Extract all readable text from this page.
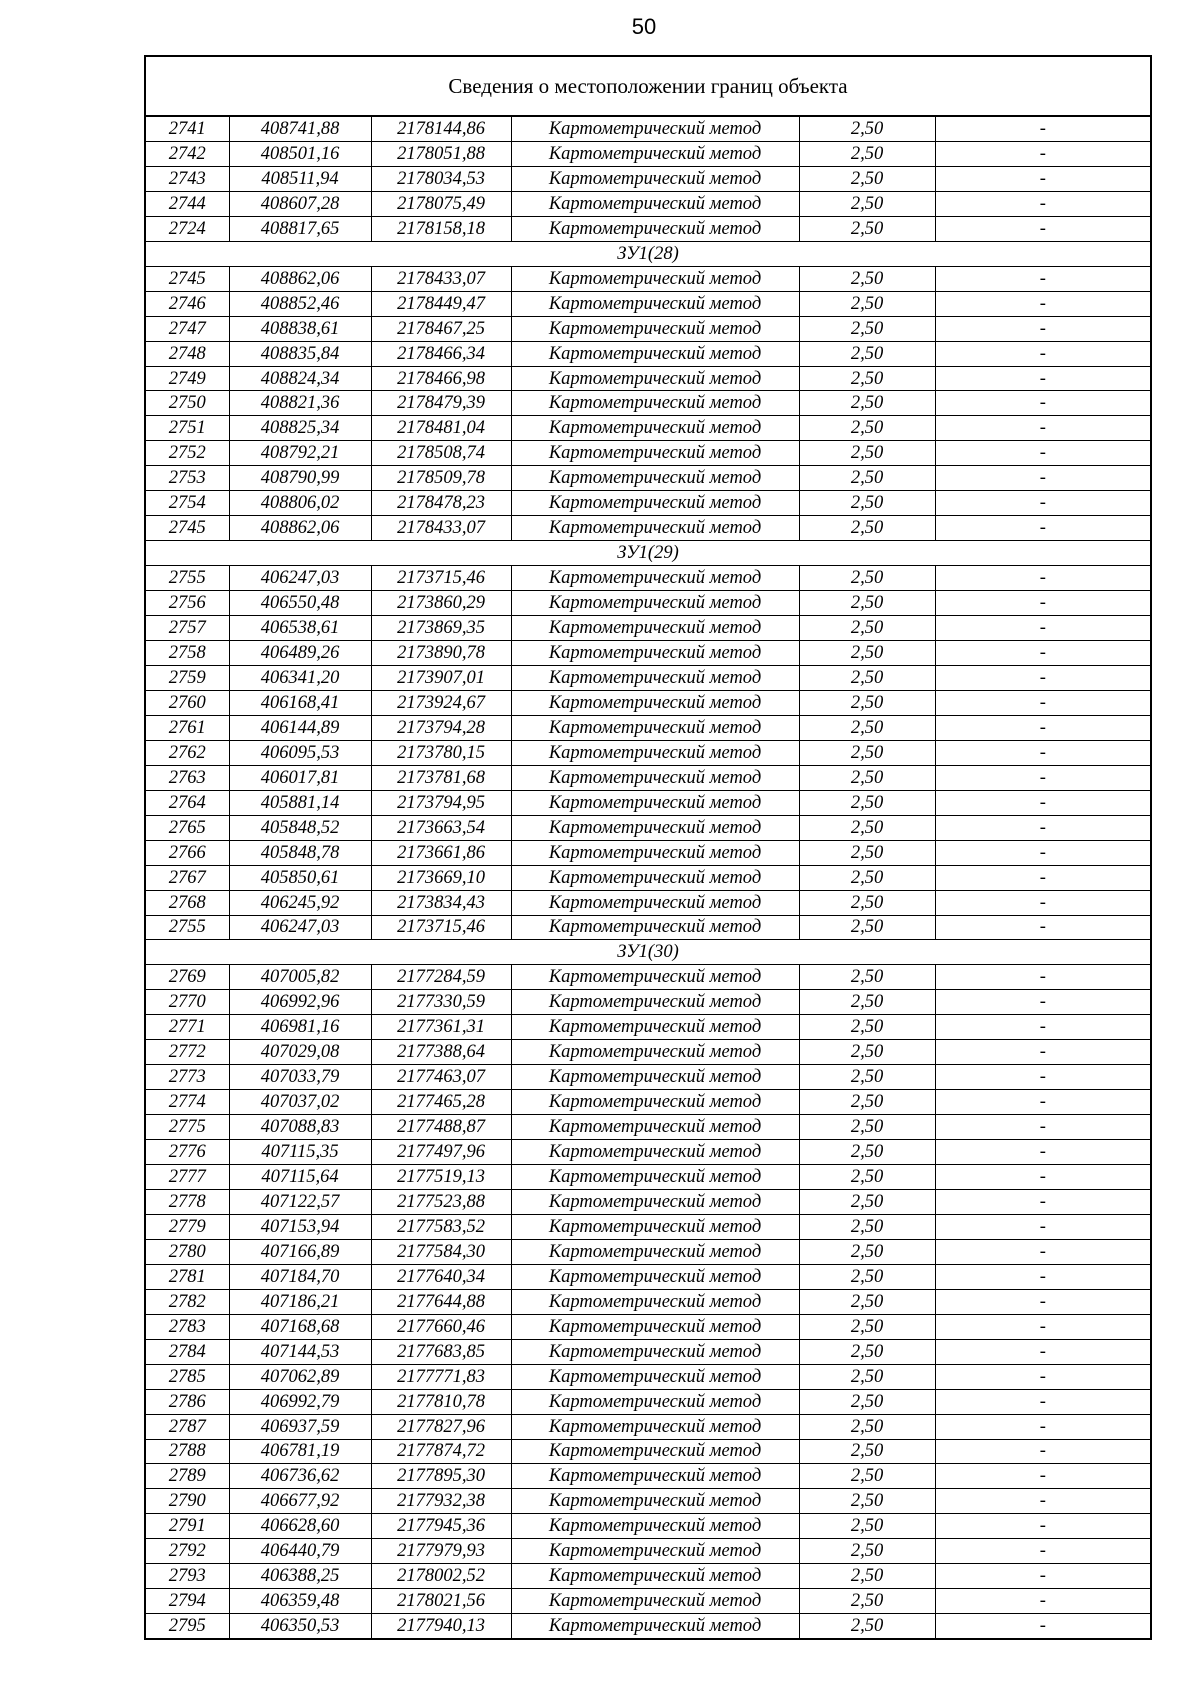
50
Сведения о местоположении границ объекта					
2741	408741,88	2178144,86	Картометрический метод	2,50	-
2742	408501,16	2178051,88	Картометрический метод	2,50	-
2743	408511,94	2178034,53	Картометрический метод	2,50	-
2744	408607,28	2178075,49	Картометрический метод	2,50	-
2724	408817,65	2178158,18	Картометрический метод	2,50	-
ЗУ1(28)					
2745	408862,06	2178433,07	Картометрический метод	2,50	-
2746	408852,46	2178449,47	Картометрический метод	2,50	-
2747	408838,61	2178467,25	Картометрический метод	2,50	-
2748	408835,84	2178466,34	Картометрический метод	2,50	-
2749	408824,34	2178466,98	Картометрический метод	2,50	-
2750	408821,36	2178479,39	Картометрический метод	2,50	-
2751	408825,34	2178481,04	Картометрический метод	2,50	-
2752	408792,21	2178508,74	Картометрический метод	2,50	-
2753	408790,99	2178509,78	Картометрический метод	2,50	-
2754	408806,02	2178478,23	Картометрический метод	2,50	-
2745	408862,06	2178433,07	Картометрический метод	2,50	-
ЗУ1(29)					
2755	406247,03	2173715,46	Картометрический метод	2,50	-
2756	406550,48	2173860,29	Картометрический метод	2,50	-
2757	406538,61	2173869,35	Картометрический метод	2,50	-
2758	406489,26	2173890,78	Картометрический метод	2,50	-
2759	406341,20	2173907,01	Картометрический метод	2,50	-
2760	406168,41	2173924,67	Картометрический метод	2,50	-
2761	406144,89	2173794,28	Картометрический метод	2,50	-
2762	406095,53	2173780,15	Картометрический метод	2,50	-
2763	406017,81	2173781,68	Картометрический метод	2,50	-
2764	405881,14	2173794,95	Картометрический метод	2,50	-
2765	405848,52	2173663,54	Картометрический метод	2,50	-
2766	405848,78	2173661,86	Картометрический метод	2,50	-
2767	405850,61	2173669,10	Картометрический метод	2,50	-
2768	406245,92	2173834,43	Картометрический метод	2,50	-
2755	406247,03	2173715,46	Картометрический метод	2,50	-
ЗУ1(30)					
2769	407005,82	2177284,59	Картометрический метод	2,50	-
2770	406992,96	2177330,59	Картометрический метод	2,50	-
2771	406981,16	2177361,31	Картометрический метод	2,50	-
2772	407029,08	2177388,64	Картометрический метод	2,50	-
2773	407033,79	2177463,07	Картометрический метод	2,50	-
2774	407037,02	2177465,28	Картометрический метод	2,50	-
2775	407088,83	2177488,87	Картометрический метод	2,50	-
2776	407115,35	2177497,96	Картометрический метод	2,50	-
2777	407115,64	2177519,13	Картометрический метод	2,50	-
2778	407122,57	2177523,88	Картометрический метод	2,50	-
2779	407153,94	2177583,52	Картометрический метод	2,50	-
2780	407166,89	2177584,30	Картометрический метод	2,50	-
2781	407184,70	2177640,34	Картометрический метод	2,50	-
2782	407186,21	2177644,88	Картометрический метод	2,50	-
2783	407168,68	2177660,46	Картометрический метод	2,50	-
2784	407144,53	2177683,85	Картометрический метод	2,50	-
2785	407062,89	2177771,83	Картометрический метод	2,50	-
2786	406992,79	2177810,78	Картометрический метод	2,50	-
2787	406937,59	2177827,96	Картометрический метод	2,50	-
2788	406781,19	2177874,72	Картометрический метод	2,50	-
2789	406736,62	2177895,30	Картометрический метод	2,50	-
2790	406677,92	2177932,38	Картометрический метод	2,50	-
2791	406628,60	2177945,36	Картометрический метод	2,50	-
2792	406440,79	2177979,93	Картометрический метод	2,50	-
2793	406388,25	2178002,52	Картометрический метод	2,50	-
2794	406359,48	2178021,56	Картометрический метод	2,50	-
2795	406350,53	2177940,13	Картометрический метод	2,50	-
